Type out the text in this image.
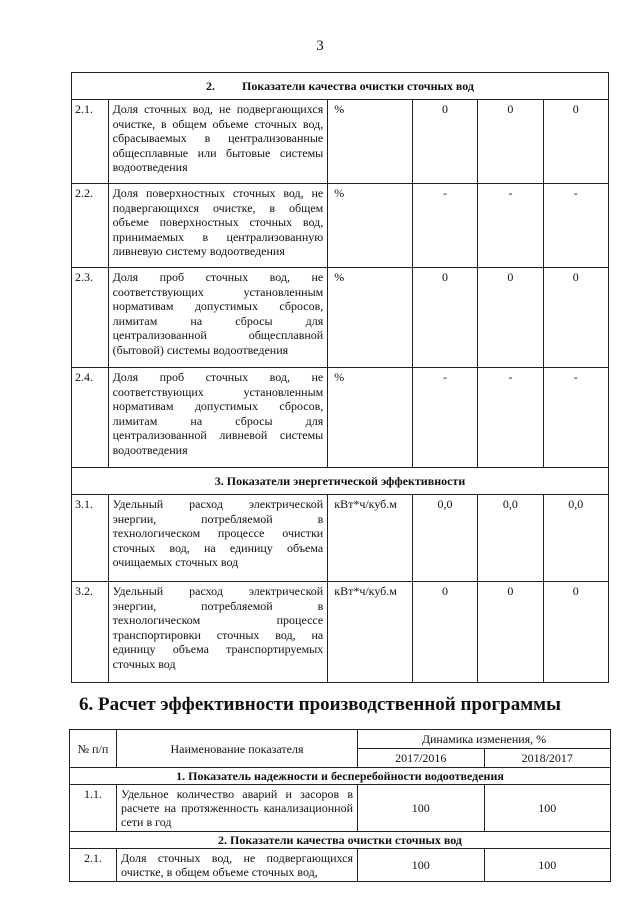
3
2.         Показатели качества очистки сточных вод					
2.1.	Доля сточных вод, не подвергающихся очистке, в общем объеме сточных вод, сбрасываемых в централизованные общесплавные или бытовые системы водоотведения	%	0	0	0
2.2.	Доля поверхностных сточных вод, не подвергающихся очистке, в общем объеме поверхностных сточных вод, принимаемых в централизованную ливневую систему водоотведения	%	-	-	-
2.3.	Доля проб сточных вод, не соответствующих установленным нормативам допустимых сбросов, лимитам на сбросы для централизованной общесплавной (бытовой) системы водоотведения	%	0	0	0
2.4.	Доля проб сточных вод, не соответствующих установленным нормативам допустимых сбросов, лимитам на сбросы для централизованной ливневой системы водоотведения	%	-	-	-
3. Показатели энергетической эффективности					
3.1.	Удельный расход электрической энергии, потребляемой в технологическом процессе очистки сточных вод, на единицу объема очищаемых сточных вод	кВт*ч/куб.м	0,0	0,0	0,0
3.2.	Удельный расход электрической энергии, потребляемой в технологическом процессе транспортировки сточных вод, на единицу объема транспортируемых сточных вод	кВт*ч/куб.м	0	0	0
6. Расчет эффективности производственной программы
№ п/п	Наименование показателя	Динамика изменения, %	
		2017/2016	2018/2017
1. Показатель надежности и бесперебойности водоотведения			
1.1.	Удельное количество аварий и засоров в расчете на протяженность канализационной сети в год	100	100
2. Показатели качества очистки сточных вод			
2.1.	Доля сточных вод, не подвергающихся очистке, в общем объеме сточных вод,	100	100
